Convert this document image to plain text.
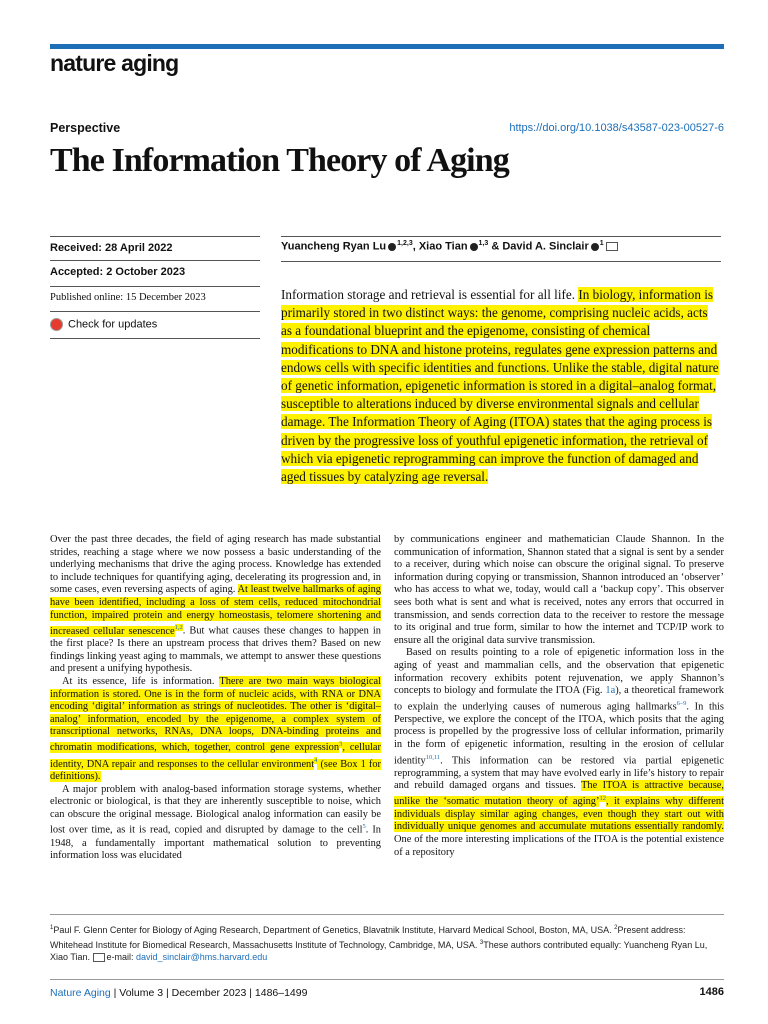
nature aging
Perspective	https://doi.org/10.1038/s43587-023-00527-6
The Information Theory of Aging
Received: 28 April 2022
Accepted: 2 October 2023
Published online: 15 December 2023
Check for updates
Yuancheng Ryan Lu $^{1,2,3}$, Xiao Tian $^{1,3}$ & David A. Sinclair $^1$
Information storage and retrieval is essential for all life. In biology, information is primarily stored in two distinct ways: the genome, comprising nucleic acids, acts as a foundational blueprint and the epigenome, consisting of chemical modifications to DNA and histone proteins, regulates gene expression patterns and endows cells with specific identities and functions. Unlike the stable, digital nature of genetic information, epigenetic information is stored in a digital–analog format, susceptible to alterations induced by diverse environmental signals and cellular damage. The Information Theory of Aging (ITOA) states that the aging process is driven by the progressive loss of youthful epigenetic information, the retrieval of which via epigenetic reprogramming can improve the function of damaged and aged tissues by catalyzing age reversal.

Over the past three decades, the field of aging research has made substantial strides, reaching a stage where we now possess a basic understanding of the underlying mechanisms that drive the aging process. Knowledge has extended to include techniques for quantifying aging, decelerating its progression and, in some cases, even reversing aspects of aging. At least twelve hallmarks of aging have been identified, including a loss of stem cells, reduced mitochondrial function, impaired protein and energy homeostasis, telomere shortening and increased cellular senescence$^{1,2}$. But what causes these changes to happen in the first place? Is there an upstream process that drives them? Based on new findings linking yeast aging to mammals, we attempt to answer these questions and present a unifying hypothesis.

At its essence, life is information. There are two main ways biological information is stored. One is in the form of nucleic acids, with RNA or DNA encoding ‘digital’ information as strings of nucleotides. The other is ‘digital–analog’ information, encoded by the epigenome, a complex system of transcriptional networks, RNAs, DNA loops, DNA-binding proteins and chromatin modifications, which, together, control gene expression$^3$, cellular identity, DNA repair and responses to the cellular environment$^4$ (see Box 1 for definitions).

A major problem with analog-based information storage systems, whether electronic or biological, is that they are inherently susceptible to noise, which can obscure the original message. Biological analog information can easily be lost over time, as it is read, copied and disrupted by damage to the cell$^5$. In 1948, a fundamentally important mathematical solution to preventing information loss was elucidated

by communications engineer and mathematician Claude Shannon. In the communication of information, Shannon stated that a signal is sent by a sender to a receiver, during which noise can obscure the original signal. To preserve information during copying or transmission, Shannon introduced an ‘observer’ who has access to what we, today, would call a ‘backup copy’. This observer sees both what is sent and what is received, notes any errors that occurred in transmission, and sends correction data to the receiver to restore the message to its original and true form, similar to how the internet and TCP/IP work to ensure all the original data survive transmission.

Based on results pointing to a role of epigenetic information loss in the aging of yeast and mammalian cells, and the observation that epigenetic information recovery exhibits potent rejuvenation, we apply Shannon’s concepts to biology and formulate the ITOA (Fig. 1a), a theoretical framework to explain the underlying causes of numerous aging hallmarks$^{6-9}$. In this Perspective, we explore the concept of the ITOA, which posits that the aging process is propelled by the progressive loss of cellular information, primarily in the form of epigenetic information, resulting in the erosion of cellular identity$^{10,11}$. This information can be restored via partial epigenetic reprogramming, a system that may have evolved early in life’s history to repair and rebuild damaged organs and tissues. The ITOA is attractive because, unlike the ‘somatic mutation theory of aging’$^{12}$, it explains why different individuals display similar aging changes, even though they start out with individually unique genomes and accumulate mutations essentially randomly. One of the more interesting implications of the ITOA is the potential existence of a repository

$^1$Paul F. Glenn Center for Biology of Aging Research, Department of Genetics, Blavatnik Institute, Harvard Medical School, Boston, MA, USA. $^2$Present address: Whitehead Institute for Biomedical Research, Massachusetts Institute of Technology, Cambridge, MA, USA. $^3$These authors contributed equally: Yuancheng Ryan Lu, Xiao Tian. e-mail: david_sinclair@hms.harvard.edu
Nature Aging | Volume 3 | December 2023 | 1486–1499	1486
